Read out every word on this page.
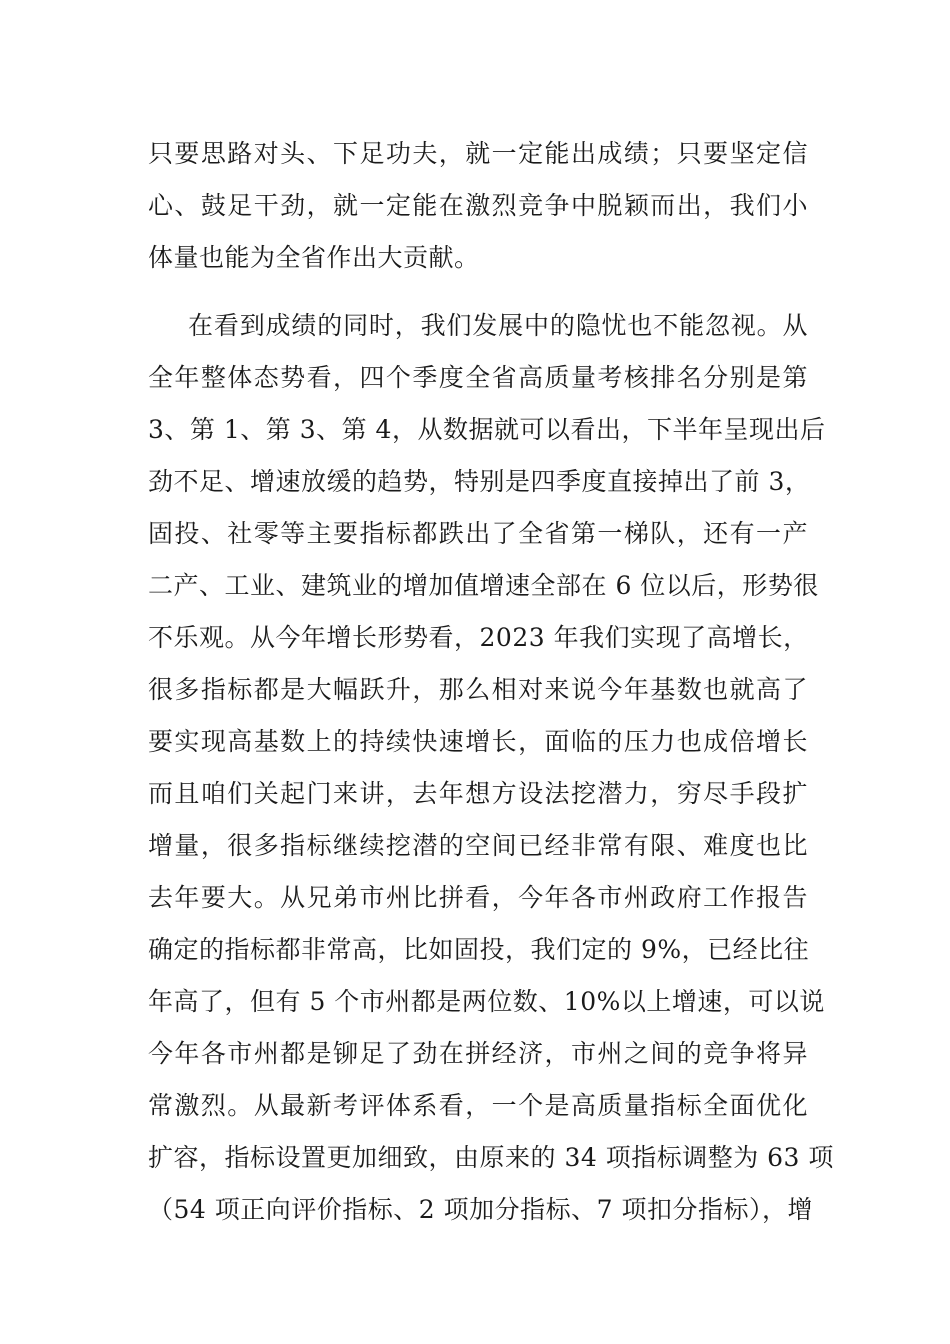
只要思路对头、下足功夫，就一定能出成绩；只要坚定信
心、鼓足干劲，就一定能在激烈竞争中脱颖而出，我们小
体量也能为全省作出大贡献。
在看到成绩的同时，我们发展中的隐忧也不能忽视。从
全年整体态势看，四个季度全省高质量考核排名分别是第
3、第 1、第 3、第 4，从数据就可以看出，下半年呈现出后
劲不足、增速放缓的趋势，特别是四季度直接掉出了前 3，
固投、社零等主要指标都跌出了全省第一梯队，还有一产
二产、工业、建筑业的增加值增速全部在 6 位以后，形势很
不乐观。从今年增长形势看，2023 年我们实现了高增长，
很多指标都是大幅跃升，那么相对来说今年基数也就高了
要实现高基数上的持续快速增长，面临的压力也成倍增长
而且咱们关起门来讲，去年想方设法挖潜力，穷尽手段扩
增量，很多指标继续挖潜的空间已经非常有限、难度也比
去年要大。从兄弟市州比拼看，今年各市州政府工作报告
确定的指标都非常高，比如固投，我们定的 9%，已经比往
年高了，但有 5 个市州都是两位数、10%以上增速，可以说
今年各市州都是铆足了劲在拼经济，市州之间的竞争将异
常激烈。从最新考评体系看，一个是高质量指标全面优化
扩容，指标设置更加细致，由原来的 34 项指标调整为 63 项
（54 项正向评价指标、2 项加分指标、7 项扣分指标），增
